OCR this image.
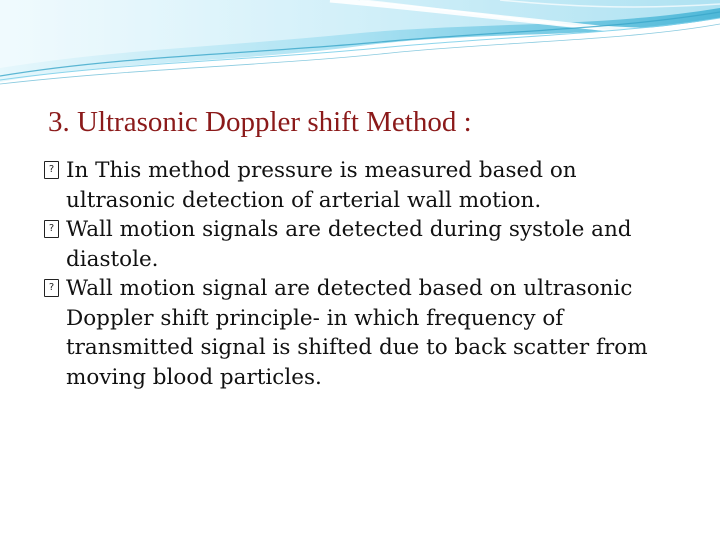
3. Ultrasonic Doppler shift Method :
? In This method pressure is measured based on ultrasonic detection of arterial wall motion.
? Wall motion signals are detected during systole and diastole.
? Wall motion signal are detected based on ultrasonic Doppler shift principle- in which frequency of transmitted signal is shifted due to back scatter from moving blood particles.
